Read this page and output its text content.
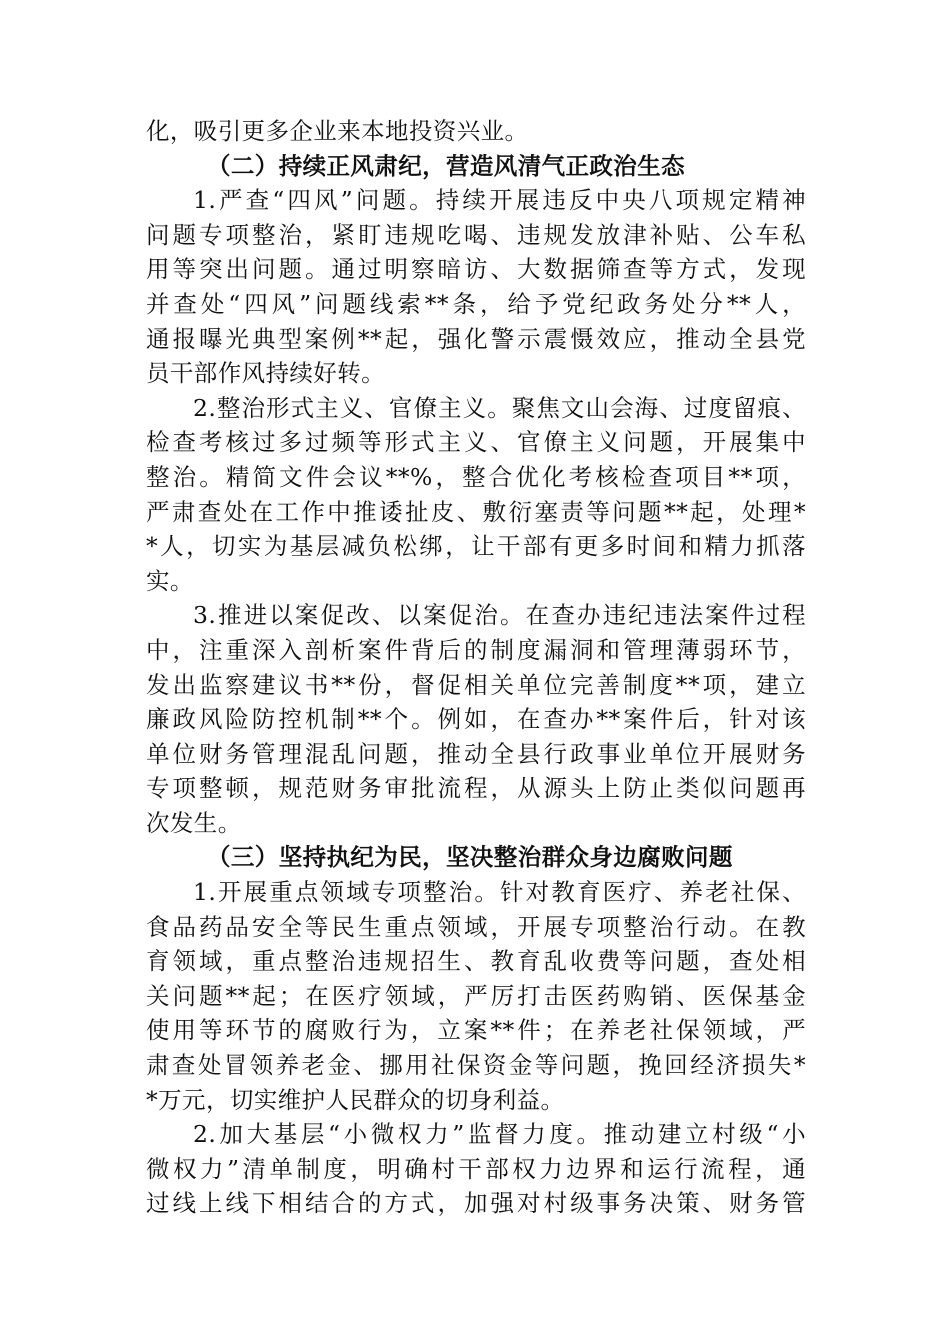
化，吸引更多企业来本地投资兴业。
（二）持续正风肃纪，营造风清气正政治生态
1.严查“四风”问题。持续开展违反中央八项规定精神
问题专项整治，紧盯违规吃喝、违规发放津补贴、公车私
用等突出问题。通过明察暗访、大数据筛查等方式，发现
并查处“四风”问题线索**条，给予党纪政务处分**人，
通报曝光典型案例**起，强化警示震慑效应，推动全县党
员干部作风持续好转。
2.整治形式主义、官僚主义。聚焦文山会海、过度留痕、
检查考核过多过频等形式主义、官僚主义问题，开展集中
整治。精简文件会议**%，整合优化考核检查项目**项，
严肃查处在工作中推诿扯皮、敷衍塞责等问题**起，处理*
*人，切实为基层减负松绑，让干部有更多时间和精力抓落
实。
3.推进以案促改、以案促治。在查办违纪违法案件过程
中，注重深入剖析案件背后的制度漏洞和管理薄弱环节，
发出监察建议书**份，督促相关单位完善制度**项，建立
廉政风险防控机制**个。例如，在查办**案件后，针对该
单位财务管理混乱问题，推动全县行政事业单位开展财务
专项整顿，规范财务审批流程，从源头上防止类似问题再
次发生。
（三）坚持执纪为民，坚决整治群众身边腐败问题
1.开展重点领域专项整治。针对教育医疗、养老社保、
食品药品安全等民生重点领域，开展专项整治行动。在教
育领域，重点整治违规招生、教育乱收费等问题，查处相
关问题**起；在医疗领域，严厉打击医药购销、医保基金
使用等环节的腐败行为，立案**件；在养老社保领域，严
肃查处冒领养老金、挪用社保资金等问题，挽回经济损失*
*万元，切实维护人民群众的切身利益。
2.加大基层“小微权力”监督力度。推动建立村级“小
微权力”清单制度，明确村干部权力边界和运行流程，通
过线上线下相结合的方式，加强对村级事务决策、财务管
